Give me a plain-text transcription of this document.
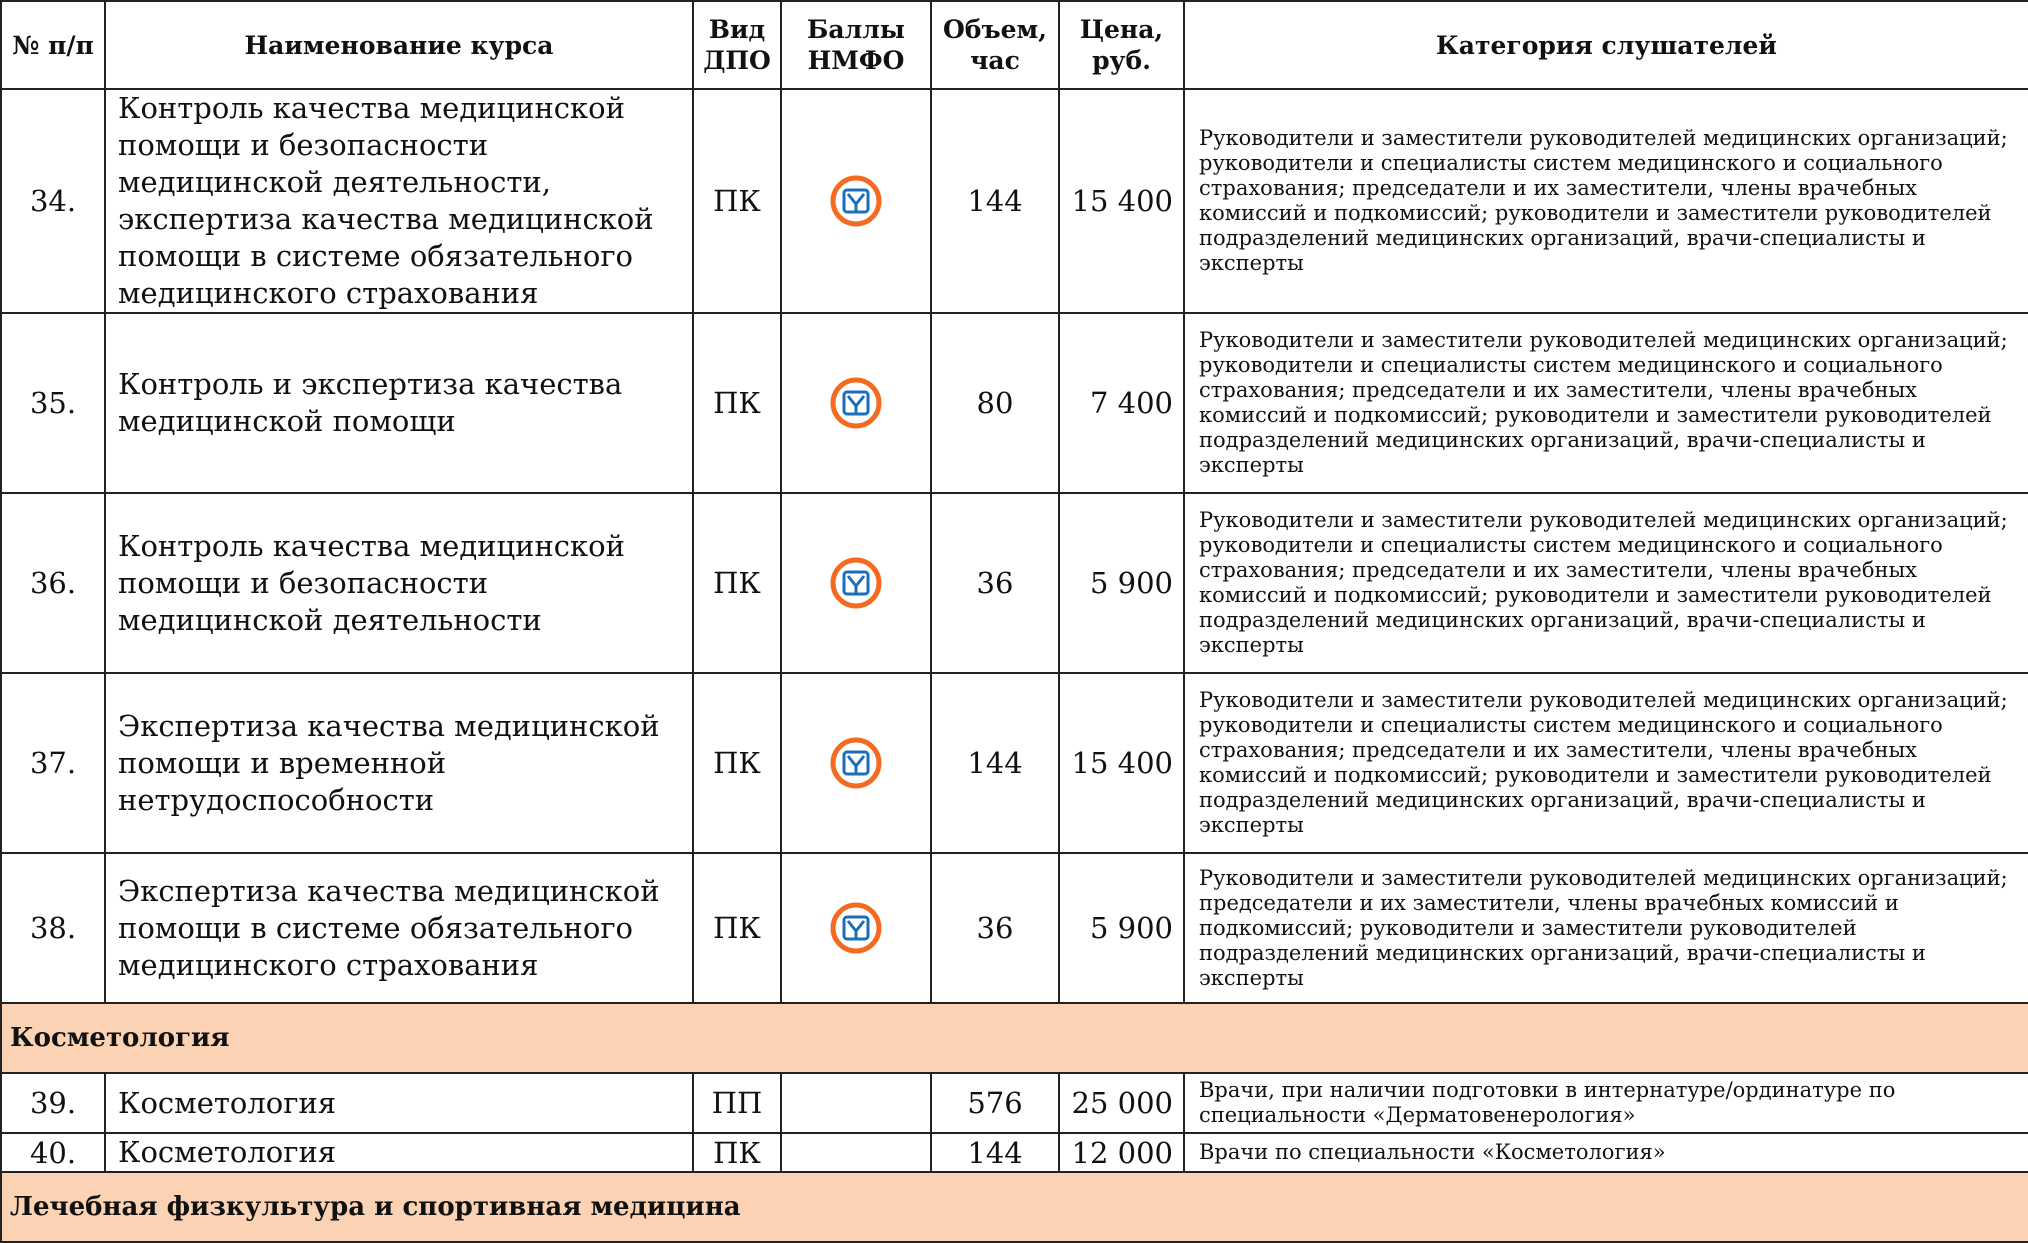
№ п/п	Наименование курса	Вид ДПО	Баллы НМФО	Объем, час	Цена, руб.	Категория слушателей
34.	Контроль качества медицинской помощи и безопасности медицинской деятельности, экспертиза качества медицинской помощи в системе обязательного медицинского страхования	ПК		144	15 400	Руководители и заместители руководителей медицинских организаций; руководители и специалисты систем медицинского и социального страхования; председатели и их заместители, члены врачебных комиссий и подкомиссий; руководители и заместители руководителей подразделений медицинских организаций, врачи-специалисты и эксперты
35.	Контроль и экспертиза качества медицинской помощи	ПК		80	7 400	Руководители и заместители руководителей медицинских организаций; руководители и специалисты систем медицинского и социального страхования; председатели и их заместители, члены врачебных комиссий и подкомиссий; руководители и заместители руководителей подразделений медицинских организаций, врачи-специалисты и эксперты
36.	Контроль качества медицинской помощи и безопасности медицинской деятельности	ПК		36	5 900	Руководители и заместители руководителей медицинских организаций; руководители и специалисты систем медицинского и социального страхования; председатели и их заместители, члены врачебных комиссий и подкомиссий; руководители и заместители руководителей подразделений медицинских организаций, врачи-специалисты и эксперты
37.	Экспертиза качества медицинской помощи и временной нетрудоспособности	ПК		144	15 400	Руководители и заместители руководителей медицинских организаций; руководители и специалисты систем медицинского и социального страхования; председатели и их заместители, члены врачебных комиссий и подкомиссий; руководители и заместители руководителей подразделений медицинских организаций, врачи-специалисты и эксперты
38.	Экспертиза качества медицинской помощи в системе обязательного медицинского страхования	ПК		36	5 900	Руководители и заместители руководителей медицинских организаций; председатели и их заместители, члены врачебных комиссий и подкомиссий; руководители и заместители руководителей подразделений медицинских организаций, врачи-специалисты и эксперты
Косметология						
39.	Косметология	ПП		576	25 000	Врачи, при наличии подготовки в интернатуре/ординатуре по специальности «Дерматовенерология»
40.	Косметология	ПК		144	12 000	Врачи по специальности «Косметология»
Лечебная физкультура и спортивная медицина						
